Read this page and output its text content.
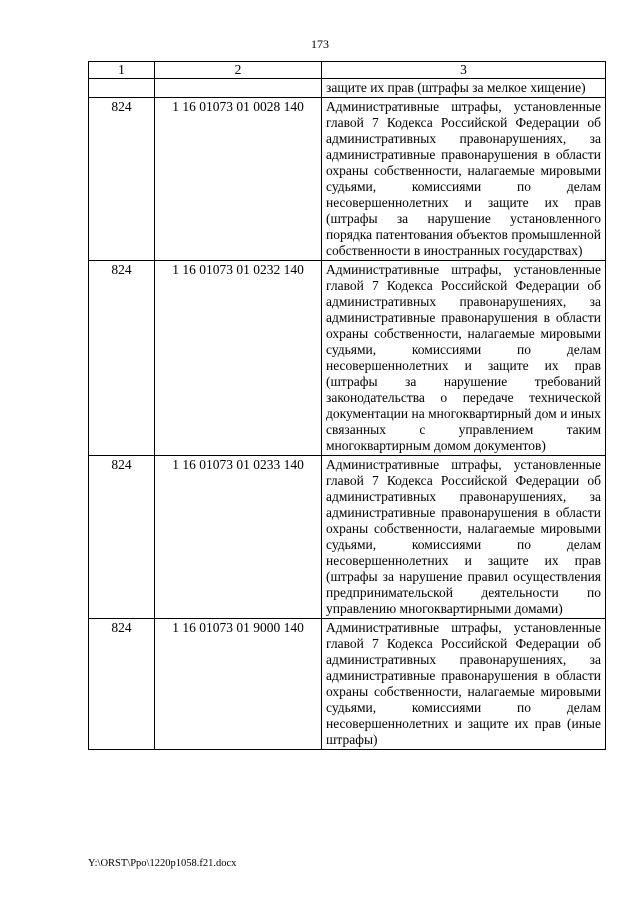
173
1	2	3
		защите их прав (штрафы за мелкое хищение)
824	1 16 01073 01 0028 140	Административные штрафы, установленные главой 7 Кодекса Российской Федерации об административных правонарушениях, за административные правонарушения в области охраны собственности, налагаемые мировыми судьями, комиссиями по делам несовершеннолетних и защите их прав (штрафы за нарушение установленного порядка патентования объектов промышленной собственности в иностранных государствах)
824	1 16 01073 01 0232 140	Административные штрафы, установленные главой 7 Кодекса Российской Федерации об административных правонарушениях, за административные правонарушения в области охраны собственности, налагаемые мировыми судьями, комиссиями по делам несовершеннолетних и защите их прав (штрафы за нарушение требований законодательства о передаче технической документации на многоквартирный дом и иных связанных с управлением таким многоквартирным домом документов)
824	1 16 01073 01 0233 140	Административные штрафы, установленные главой 7 Кодекса Российской Федерации об административных правонарушениях, за административные правонарушения в области охраны собственности, налагаемые мировыми судьями, комиссиями по делам несовершеннолетних и защите их прав (штрафы за нарушение правил осуществления предпринимательской деятельности по управлению многоквартирными домами)
824	1 16 01073 01 9000 140	Административные штрафы, установленные главой 7 Кодекса Российской Федерации об административных правонарушениях, за административные правонарушения в области охраны собственности, налагаемые мировыми судьями, комиссиями по делам несовершеннолетних и защите их прав (иные штрафы)
Y:\ORST\Ppo\1220p1058.f21.docx
